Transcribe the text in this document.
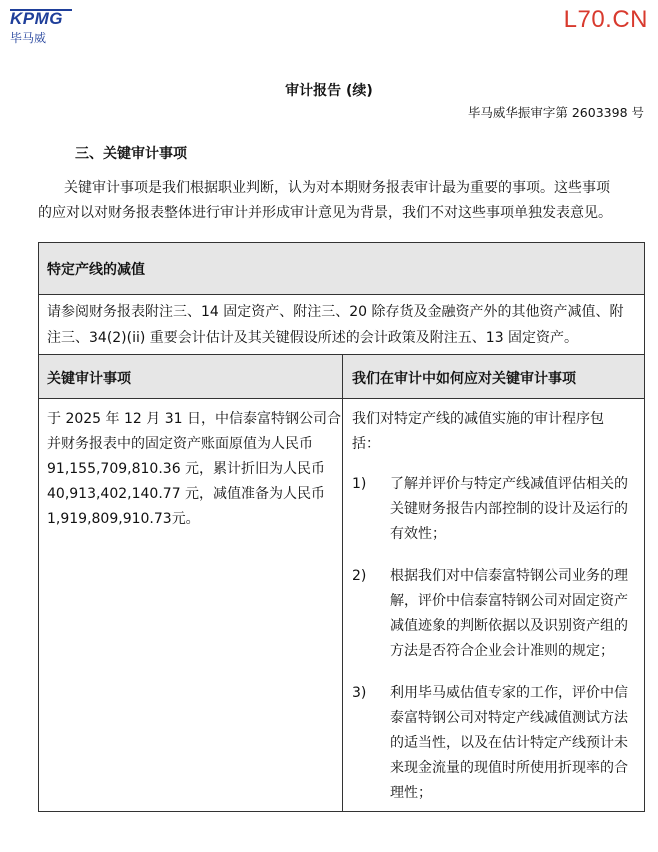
KPMG
毕马威
L70.CN
审计报告 (续)
毕马威华振审字第 2603398 号
三、关键审计事项
关键审计事项是我们根据职业判断，认为对本期财务报表审计最为重要的事项。这些事项
的应对以对财务报表整体进行审计并形成审计意见为背景，我们不对这些事项单独发表意见。
特定产线的减值
请参阅财务报表附注三、14 固定资产、附注三、20 除存货及金融资产外的其他资产减值、附
注三、34(2)(ii) 重要会计估计及其关键假设所述的会计政策及附注五、13 固定资产。
关键审计事项	我们在审计中如何应对关键审计事项
于 2025 年 12 月 31 日，中信泰富特钢公司合
并财务报表中的固定资产账面原值为人民币
91,155,709,810.36 元，累计折旧为人民币
40,913,402,140.77 元，减值准备为人民币
1,919,809,910.73元。
我们对特定产线的减值实施的审计程序包
括：
1) 了解并评价与特定产线减值评估相关的
关键财务报告内部控制的设计及运行的
有效性；
2) 根据我们对中信泰富特钢公司业务的理
解，评价中信泰富特钢公司对固定资产
减值迹象的判断依据以及识别资产组的
方法是否符合企业会计准则的规定；
3) 利用毕马威估值专家的工作，评价中信
泰富特钢公司对特定产线减值测试方法
的适当性，以及在估计特定产线预计未
来现金流量的现值时所使用折现率的合
理性；
